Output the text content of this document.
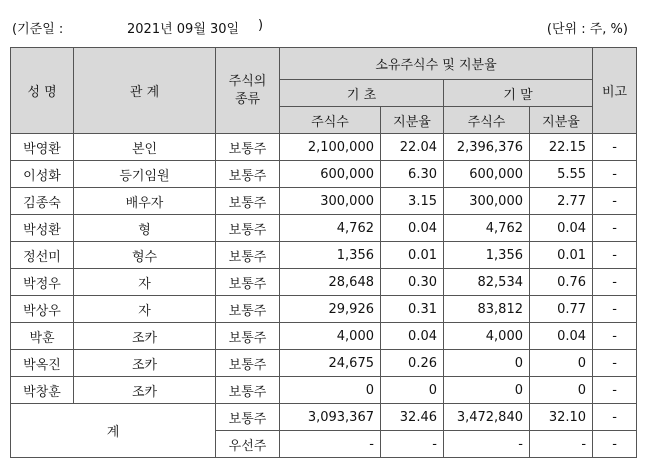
(기준일 :	2021년 09월 30일 )	(단위 : 주, %)
성 명	관 계	주식의 종류	소유주식수 및 지분율				비고
			기 초		기 말		
			주식수	지분율	주식수	지분율	
박영환	본인	보통주	2,100,000	22.04	2,396,376	22.15	-
이성화	등기임원	보통주	600,000	6.30	600,000	5.55	-
김종숙	배우자	보통주	300,000	3.15	300,000	2.77	-
박성환	형	보통주	4,762	0.04	4,762	0.04	-
정선미	형수	보통주	1,356	0.01	1,356	0.01	-
박정우	자	보통주	28,648	0.30	82,534	0.76	-
박상우	자	보통주	29,926	0.31	83,812	0.77	-
박훈	조카	보통주	4,000	0.04	4,000	0.04	-
박옥진	조카	보통주	24,675	0.26	0	0	-
박창훈	조카	보통주	0	0	0	0	-
계		보통주	3,093,367	32.46	3,472,840	32.10	-
		우선주	-	-	-	-	-
